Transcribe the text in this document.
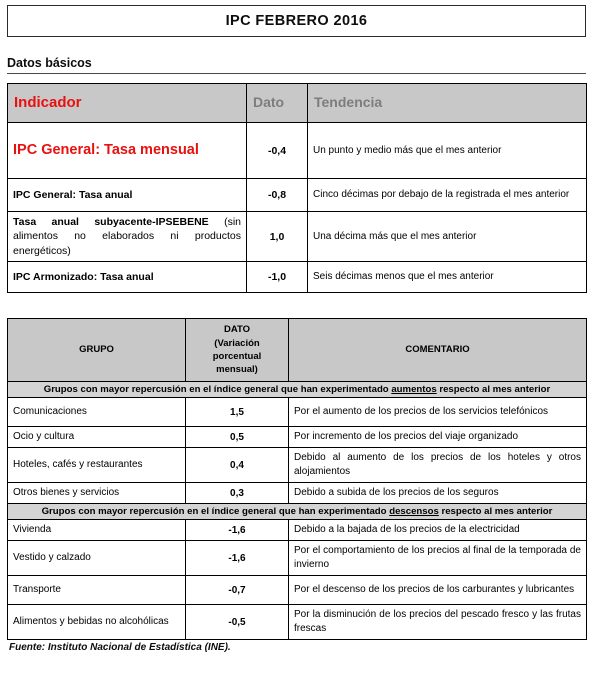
IPC FEBRERO 2016
Datos básicos
Indicador	Dato	Tendencia

IPC General: Tasa mensual	-0,4	Un punto y medio más que el mes anterior
IPC General: Tasa anual	-0,8	Cinco décimas por debajo de la registrada el mes anterior
Tasa anual subyacente-IPSEBENE (sin alimentos no elaborados ni productos energéticos)	1,0	Una décima más que el mes anterior
IPC Armonizado: Tasa anual	-1,0	Seis décimas menos que el mes anterior
GRUPO	DATO
(Variación
porcentual
mensual)	COMENTARIO
Grupos con mayor repercusión en el índice general que han experimentado aumentos respecto al mes anterior		
Comunicaciones	1,5	Por el aumento de los precios de los servicios telefónicos
Ocio y cultura	0,5	Por incremento de los precios del viaje organizado
Hoteles, cafés y restaurantes	0,4	Debido al aumento de los precios de los hoteles y otros alojamientos
Otros bienes y servicios	0,3	Debido a subida de los precios de los seguros
Grupos con mayor repercusión en el índice general que han experimentado descensos respecto al mes anterior		
Vivienda	-1,6	Debido a la bajada de los precios de la electricidad
Vestido y calzado	-1,6	Por el comportamiento de los precios al final de la temporada de invierno
Transporte	-0,7	Por el descenso de los precios de los carburantes y lubricantes
Alimentos y bebidas no alcohólicas	-0,5	Por la disminución de los precios del pescado fresco y las frutas frescas
Fuente: Instituto Nacional de Estadística (INE).
